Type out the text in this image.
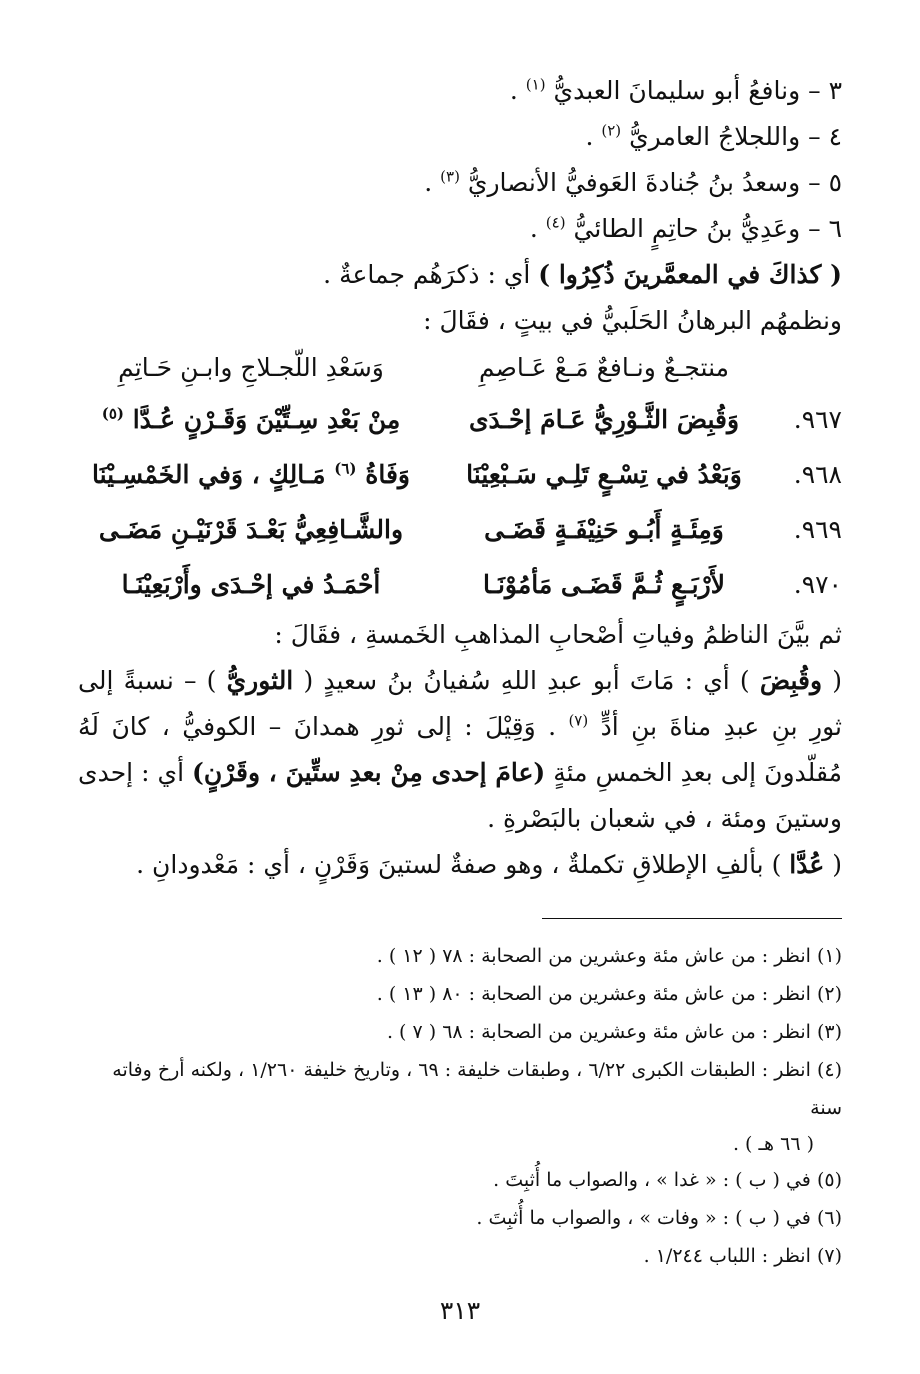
٣ – ونافعُ أبو سليمانَ العبديُّ $^{(١)}$ .
٤ – واللجلاجُ العامريُّ $^{(٢)}$ .
٥ – وسعدُ بنُ جُنادةَ العَوفيُّ الأنصاريُّ $^{(٣)}$ .
٦ – وعَدِيُّ بنُ حاتِمٍ الطائيُّ $^{(٤)}$ .
( كذاكَ في المعمَّرينَ ذُكِرُوا ) أي : ذكرَهُم جماعةٌ .
ونظمهُم البرهانُ الحَلَبيُّ في بيتٍ ، فقَالَ :
منتجـعٌ ونـافعٌ مَـعْ عَـاصِمِ
وَسَعْدِ اللّجـلاجِ وابـنِ حَـاتِمِ
٩٦٧.
وَقُبِضَ الثَّـوْرِيُّ عَـامَ إحْـدَى
مِنْ بَعْدِ سِـتِّيْنَ وَقَـرْنٍ عُـدَّا $^{(٥)}$
٩٦٨.
وَبَعْدُ في تِسْـعٍ تَلِـي سَـبْعِيْنَا
وَفَاةُ $^{(٦)}$ مَـالِكٍ ، وَفي الخَمْسِـيْنَا
٩٦٩.
وَمِئَـةٍ أَبُـو حَنِيْفَـةٍ قَضَـى
والشَّـافِعِيُّ بَعْـدَ قَرْنَيْـنِ مَضَـى
٩٧٠.
لأَرْبَـعٍ ثُـمَّ قَضَـى مَأمُوْنَـا
أحْمَـدُ في إحْـدَى وأَرْبَعِيْنَـا
ثم بيَّنَ الناظمُ وفياتِ أصْحابِ المذاهبِ الخَمسةِ ، فقَالَ :
( وقُبِضَ ) أي : مَاتَ أبو عبدِ اللهِ سُفيانُ بنُ سعيدٍ ( الثوريُّ ) – نسبةً إلى ثورِ بنِ عبدِ مناةَ بنِ أدٍّ $^{(٧)}$ . وَقِيْلَ : إلى ثورِ همدانَ – الكوفيُّ ، كانَ لَهُ مُقلّدونَ إلى بعدِ الخمسِ مئةٍ (عامَ إحدى مِنْ بعدِ ستِّينَ ، وقَرْنٍ) أي : إحدى وستينَ ومئة ، في شعبان بالبَصْرةِ .
( عُدَّا ) بألفِ الإطلاقِ تكملةٌ ، وهو صفةٌ لستينَ وَقَرْنٍ ، أي : مَعْدودانِ .
(١) انظر : من عاش مئة وعشرين من الصحابة : ٧٨ ( ١٢ ) .
(٢) انظر : من عاش مئة وعشرين من الصحابة : ٨٠ ( ١٣ ) .
(٣) انظر : من عاش مئة وعشرين من الصحابة : ٦٨ ( ٧ ) .
(٤) انظر : الطبقات الكبرى ٦/٢٢ ، وطبقات خليفة : ٦٩ ، وتاريخ خليفة ١/٢٦٠ ، ولكنه أرخ وفاته سنة
( ٦٦ هـ ) .
(٥) في ( ب ) : « غدا » ، والصواب ما أُثبِتَ .
(٦) في ( ب ) : « وفات » ، والصواب ما أُثبِتَ .
(٧) انظر : اللباب ١/٢٤٤ .
٣١٣
